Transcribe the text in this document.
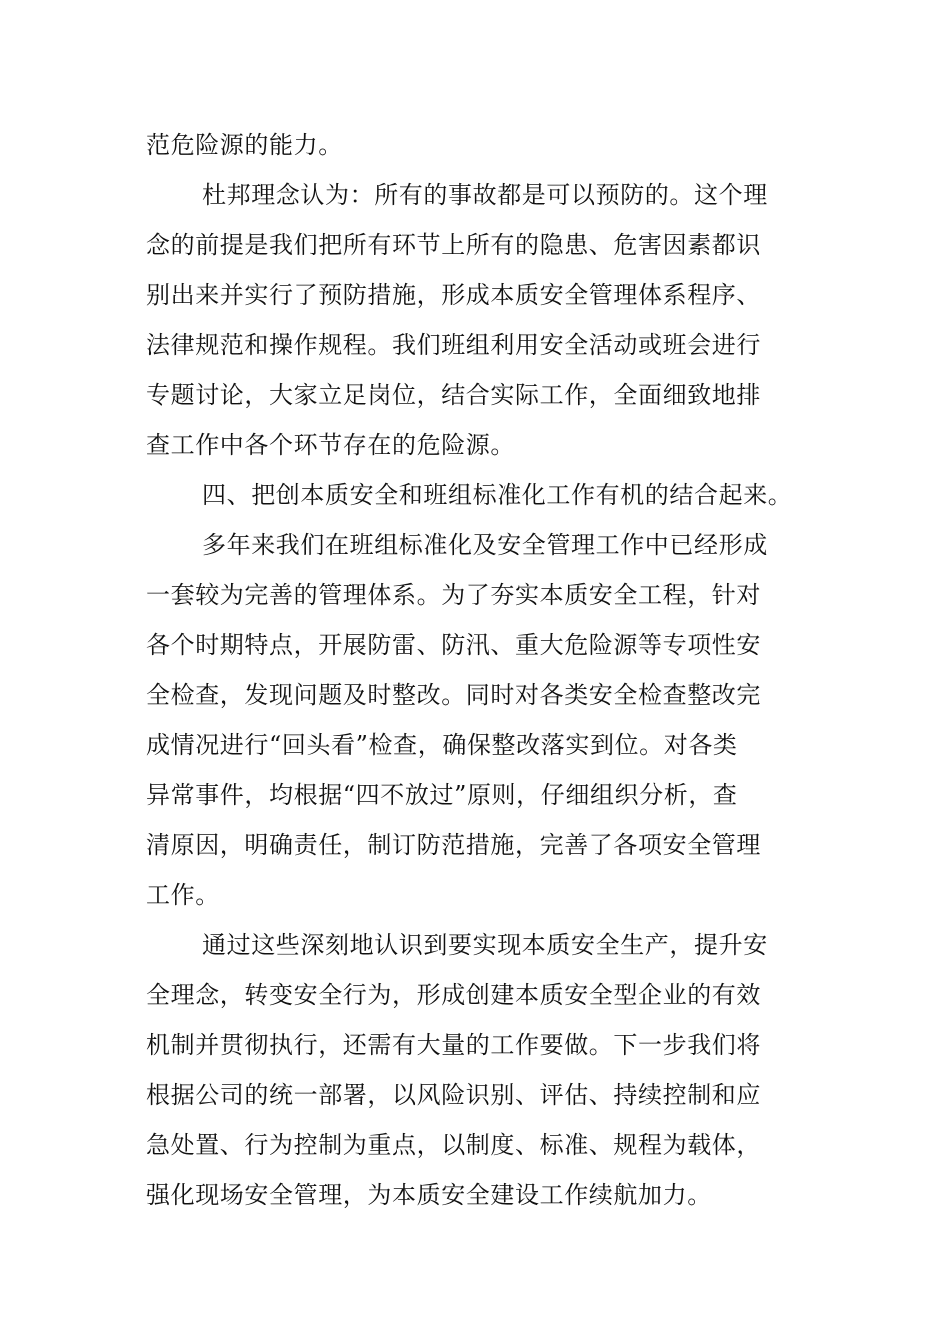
范危险源的能力。
杜邦理念认为：所有的事故都是可以预防的。这个理
念的前提是我们把所有环节上所有的隐患、危害因素都识
别出来并实行了预防措施，形成本质安全管理体系程序、
法律规范和操作规程。我们班组利用安全活动或班会进行
专题讨论，大家立足岗位，结合实际工作，全面细致地排
查工作中各个环节存在的危险源。
四、把创本质安全和班组标准化工作有机的结合起来。
多年来我们在班组标准化及安全管理工作中已经形成
一套较为完善的管理体系。为了夯实本质安全工程，针对
各个时期特点，开展防雷、防汛、重大危险源等专项性安
全检查，发现问题及时整改。同时对各类安全检查整改完
成情况进行“回头看”检查，确保整改落实到位。对各类
异常事件，均根据“四不放过”原则，仔细组织分析，查
清原因，明确责任，制订防范措施，完善了各项安全管理
工作。
通过这些深刻地认识到要实现本质安全生产，提升安
全理念，转变安全行为，形成创建本质安全型企业的有效
机制并贯彻执行，还需有大量的工作要做。下一步我们将
根据公司的统一部署，以风险识别、评估、持续控制和应
急处置、行为控制为重点，以制度、标准、规程为载体，
强化现场安全管理，为本质安全建设工作续航加力。
